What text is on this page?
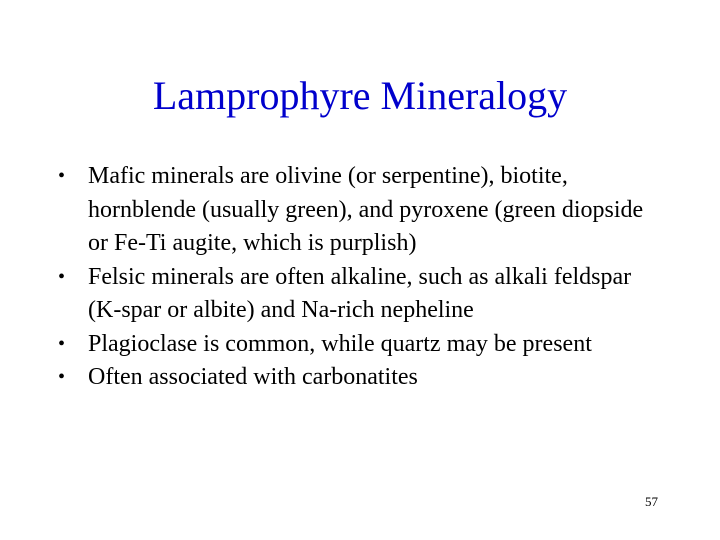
Lamprophyre Mineralogy
• Mafic minerals are olivine (or serpentine), biotite, hornblende (usually green), and pyroxene (green diopside or Fe-Ti augite, which is purplish)
• Felsic minerals are often alkaline, such as alkali feldspar (K-spar or albite) and Na-rich nepheline
• Plagioclase is common, while quartz may be present
• Often associated with carbonatites
57
